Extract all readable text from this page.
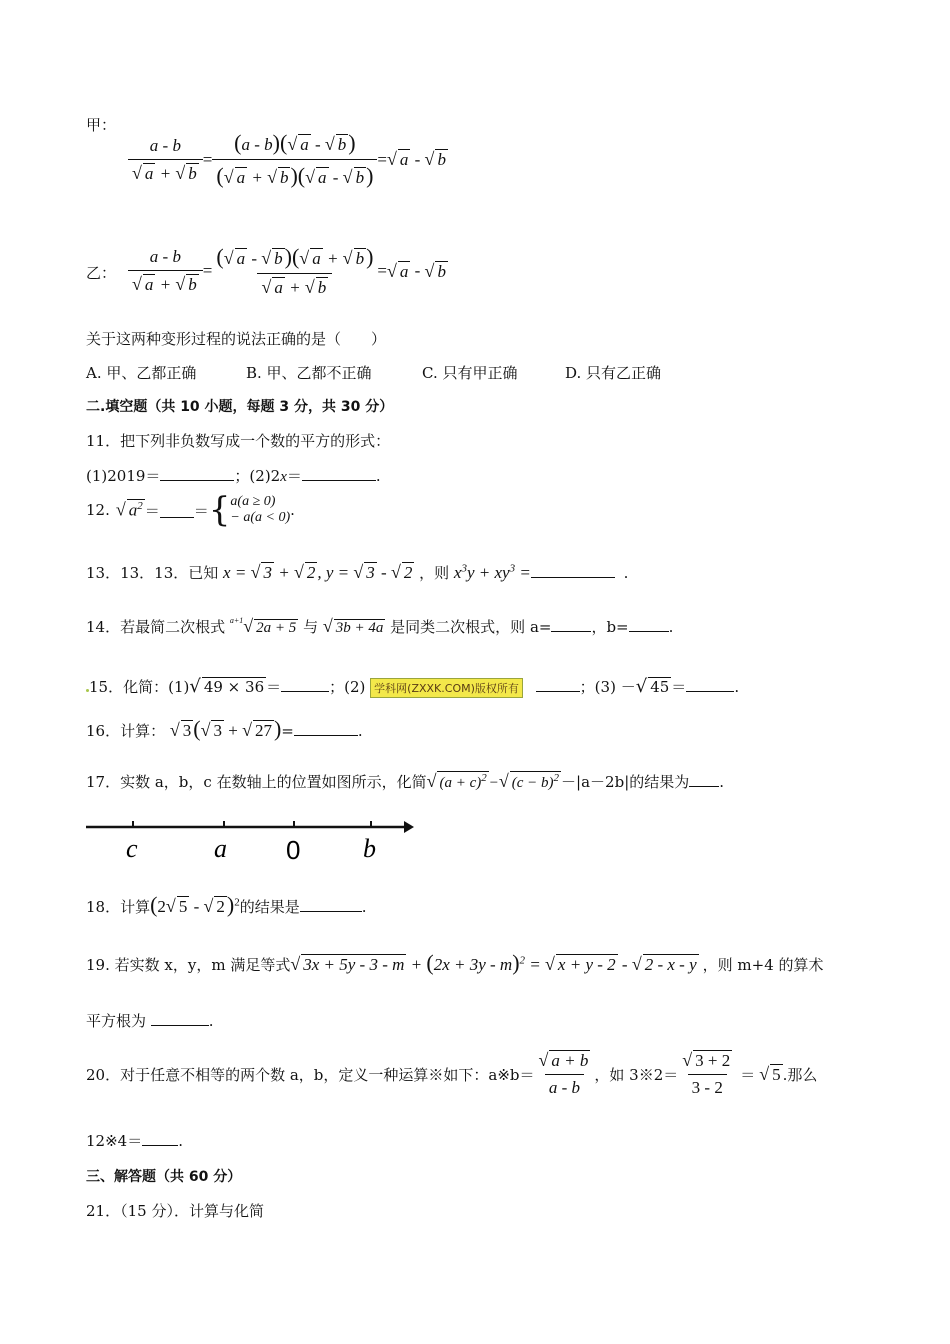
甲：
$\frac{a - b}{√ a + √ b} = \frac{(a - b)(√ a - √ b)}{(√ a + √ b)(√ a - √ b)}$ = √ a - √ b
乙： $\frac{a - b}{√ a + √ b} = \frac{(√ a - √ b)(√ a + √ b)}{√ a + √ b}$ = √ a - √ b
关于这两种变形过程的说法正确的是（　　）
A. 甲、乙都正确	B. 甲、乙都不正确	C. 只有甲正确	D. 只有乙正确
二.填空题（共 10 小题，每题 3 分，共 30 分）
11．把下列非负数写成一个数的平方的形式：
(1)2019＝	；(2)2x＝	.
12. √ $a^2$ ＝ ＝ { a(a ≥ 0)
− a(a < 0) .
13．13．13．已知 x = √ 3 + √ 2 , y = √ 3 - √ 2 ，则 $x^3y + xy^3$ =	.
14．若最简二次根式 $^{a+1}$√ 2a + 5 与 √ 3b + 4a 是同类二次根式，则 a=	，b=	.
15．化简：(1)√ 49 × 36 ＝	；(2) 学科网(ZXXK.COM)版权所有	；(3) －√ 45 ＝	.
16．计算： √ 3(√ 3 + √ 27)=	.
17．实数 a，b，c 在数轴上的位置如图所示，化简√ $(a + c)^2$ −√ $(c - b)^2 -|a-2b|$的结果为 .
c	a 0 b
18．计算(2√ 5 - √ 2)$^2$的结果是	.
19. 若实数 x，y，m 满足等式√ $3x + 5y - 3 - m + (2x + 3y - m)^2$ = √ x + y - 2 - √ 2 - x - y ，则 m+4 的算术
平方根为	.
20．对于任意不相等的两个数 a，b，定义一种运算※如下：a※b＝ $\frac{√ a + b}{a - b}$ ，如 3※2＝ $\frac{√ 3 + 2}{3 - 2}$ ＝ √ 5 .那么
12※4＝ .
三、解答题（共 60 分）
21．（15 分）．计算与化简
